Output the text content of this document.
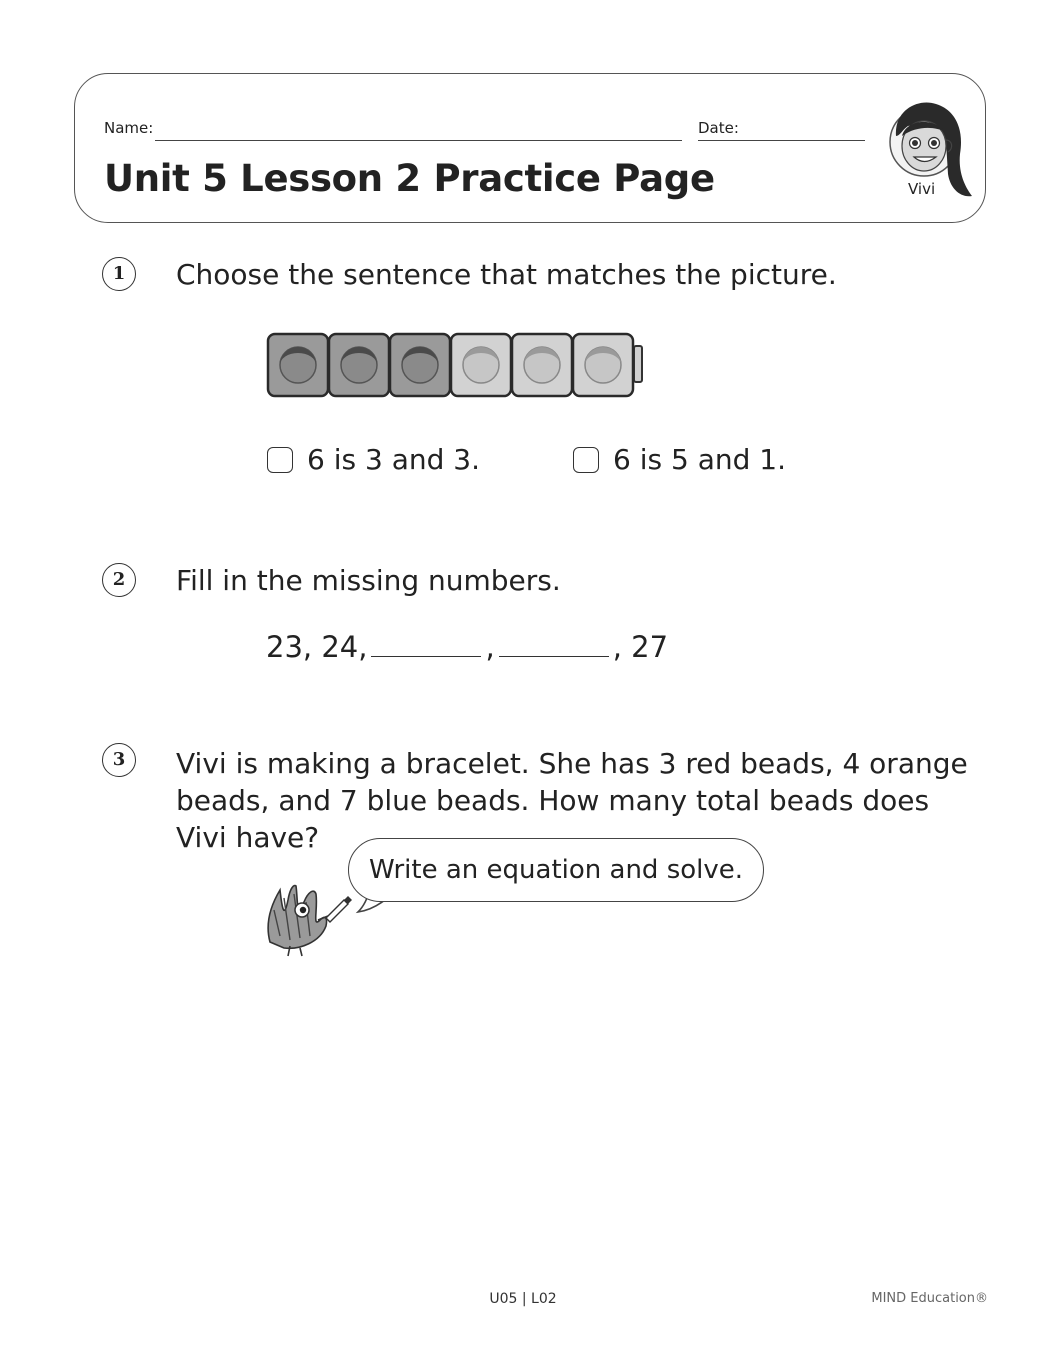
Name:	Date:
Unit 5 Lesson 2 Practice Page	Vivi
1	Choose the sentence that matches the picture.
6 is 3 and 3.	6 is 5 and 1.
2	Fill in the missing numbers.
23, 24,	,	, 27
3	Vivi is making a bracelet. She has 3 red beads, 4 orange beads, and 7 blue beads. How many total beads does Vivi have?
Write an equation and solve.
U05 | L02	MIND Education®
